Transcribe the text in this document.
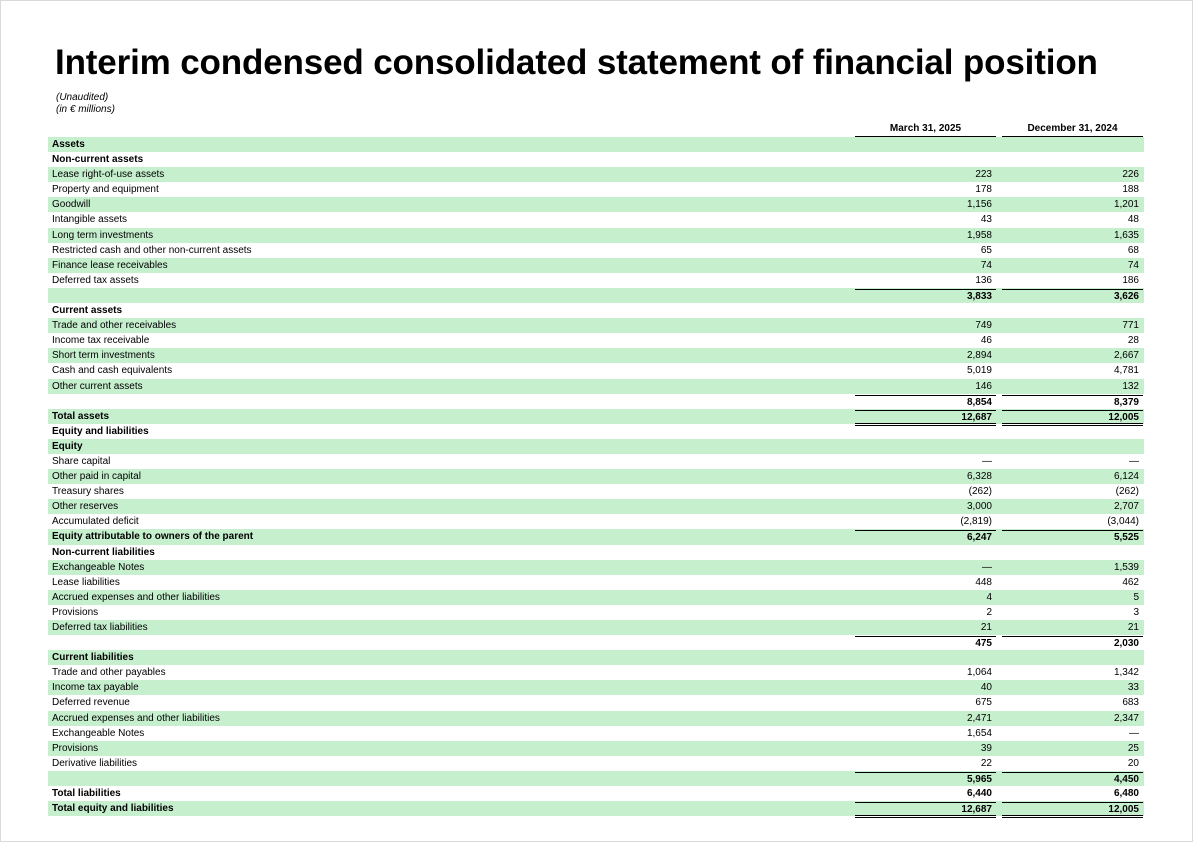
Interim condensed consolidated statement of financial position
(Unaudited)
(in € millions)
March 31, 2025	December 31, 2024
Assets
Non-current assets
Lease right-of-use assets	223	226
Property and equipment	178	188
Goodwill	1,156	1,201
Intangible assets	43	48
Long term investments	1,958	1,635
Restricted cash and other non-current assets	65	68
Finance lease receivables	74	74
Deferred tax assets	136	186
3,833	3,626
Current assets
Trade and other receivables	749	771
Income tax receivable	46	28
Short term investments	2,894	2,667
Cash and cash equivalents	5,019	4,781
Other current assets	146	132
8,854	8,379
Total assets	12,687	12,005
Equity and liabilities
Equity
Share capital	—	—
Other paid in capital	6,328	6,124
Treasury shares	(262)	(262)
Other reserves	3,000	2,707
Accumulated deficit	(2,819)	(3,044)
Equity attributable to owners of the parent	6,247	5,525
Non-current liabilities
Exchangeable Notes	—	1,539
Lease liabilities	448	462
Accrued expenses and other liabilities	4	5
Provisions	2	3
Deferred tax liabilities	21	21
475	2,030
Current liabilities
Trade and other payables	1,064	1,342
Income tax payable	40	33
Deferred revenue	675	683
Accrued expenses and other liabilities	2,471	2,347
Exchangeable Notes	1,654	—
Provisions	39	25
Derivative liabilities	22	20
5,965	4,450
Total liabilities	6,440	6,480
Total equity and liabilities	12,687	12,005
